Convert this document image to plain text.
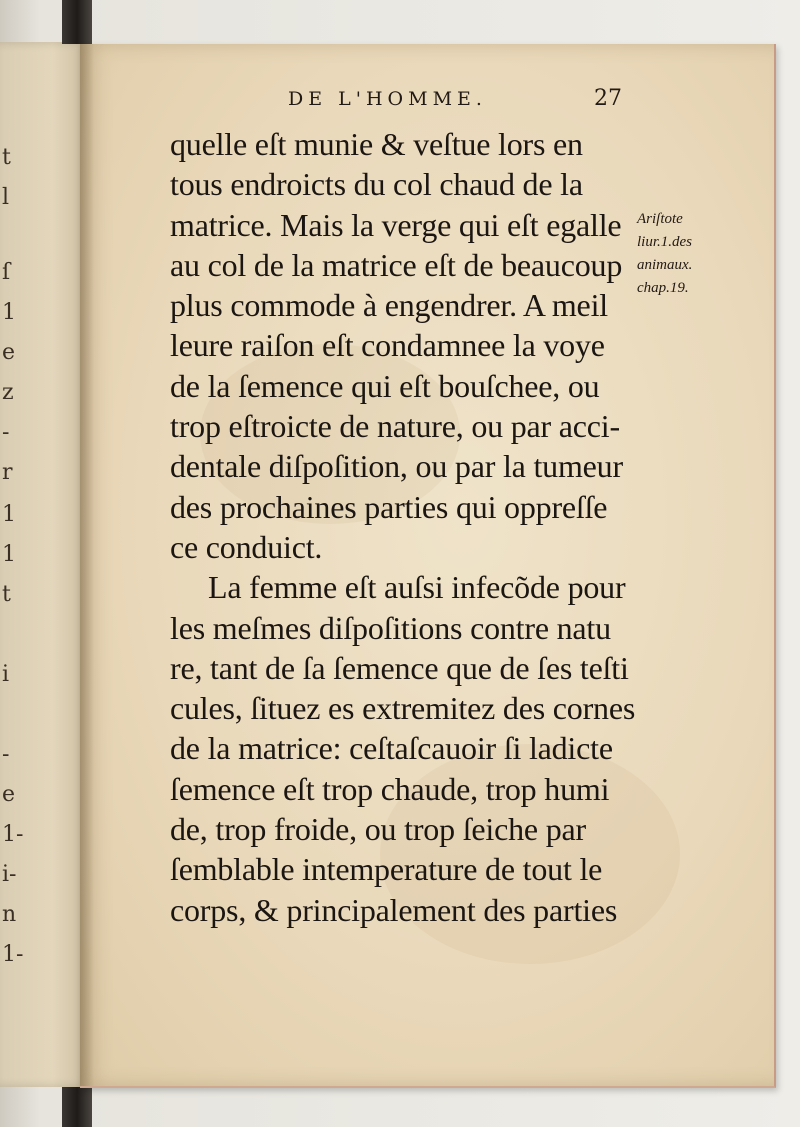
t
l
ſ
1
e
z
-
r
1
1
t
i
-
e
1-
i-
n
1-
DE L'HOMME.	27
quelle eſt munie & veſtue lors en
tous endroicts du col chaud de la
matrice. Mais la verge qui eſt egalle
au col de la matrice eſt de beaucoup
plus commode à engendrer. A meil
leure raiſon eſt condamnee la voye
de la ſemence qui eſt bouſchee, ou
trop eſtroicte de nature, ou par acci-
dentale diſpoſition, ou par la tumeur
des prochaines parties qui oppreſſe
ce conduict.
La femme eſt auſsi infecõde pour
les meſmes diſpoſitions contre natu
re, tant de ſa ſemence que de ſes teſti
cules, ſituez es extremitez des cornes
de la matrice: ceſtaſcauoir ſi ladicte
ſemence eſt trop chaude, trop humi
de, trop froide, ou trop ſeiche par
ſemblable intemperature de tout le
corps, & principalement des parties
Ariſtote
liur.1.des
animaux.
chap.19.
